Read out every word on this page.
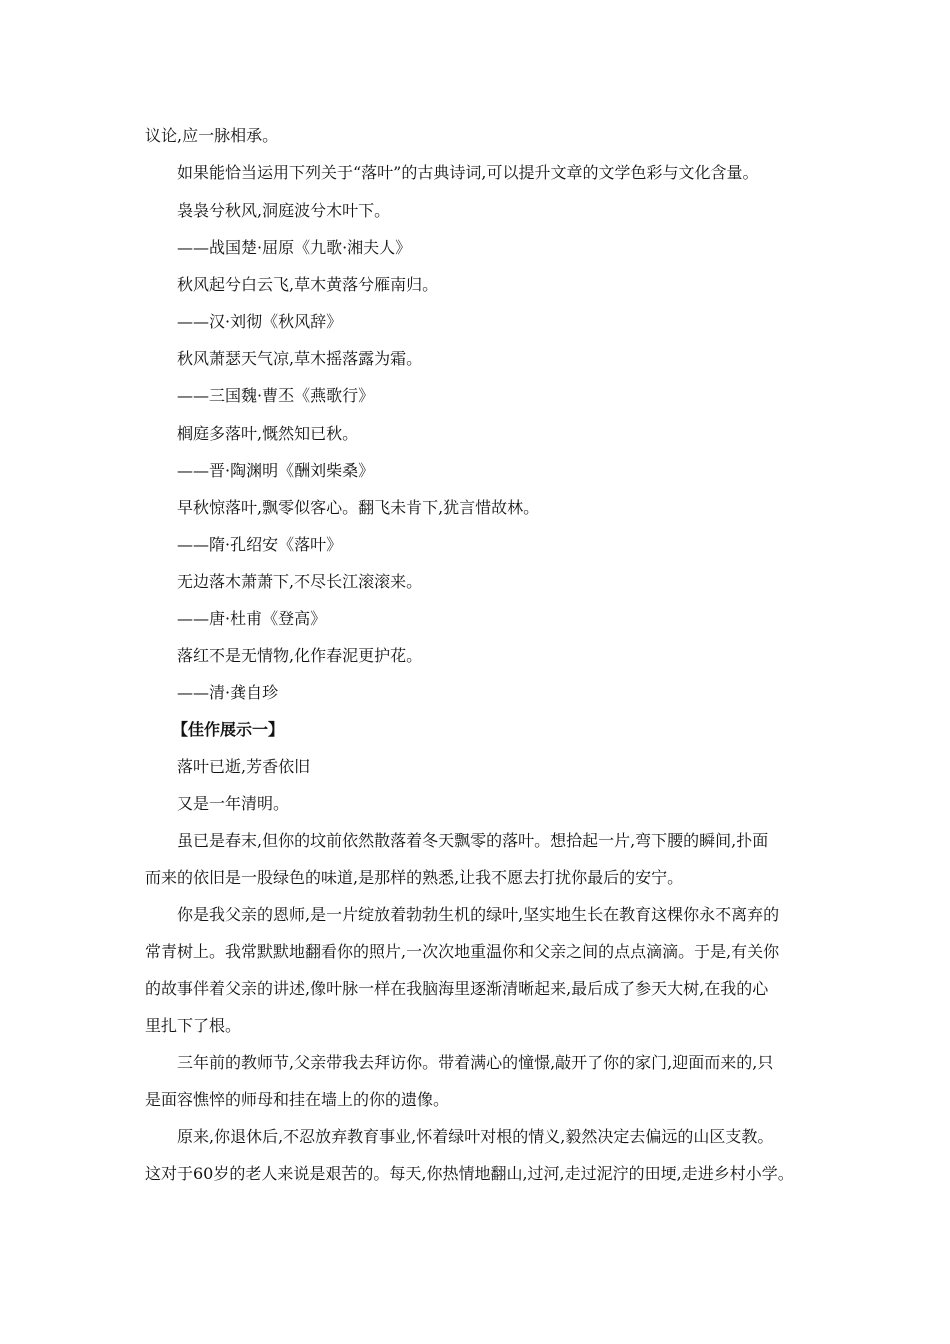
议论,应一脉相承。
如果能恰当运用下列关于“落叶”的古典诗词,可以提升文章的文学色彩与文化含量。
袅袅兮秋风,洞庭波兮木叶下。
——战国楚·屈原《九歌·湘夫人》
秋风起兮白云飞,草木黄落兮雁南归。
——汉·刘彻《秋风辞》
秋风萧瑟天气凉,草木摇落露为霜。
——三国魏·曹丕《燕歌行》
榈庭多落叶,慨然知已秋。
——晋·陶渊明《酬刘柴桑》
早秋惊落叶,飘零似客心。翻飞未肯下,犹言惜故林。
——隋·孔绍安《落叶》
无边落木萧萧下,不尽长江滚滚来。
——唐·杜甫《登高》
落红不是无情物,化作春泥更护花。
——清·龚自珍
【佳作展示一】
落叶已逝,芳香依旧
又是一年清明。
虽已是春末,但你的坟前依然散落着冬天飘零的落叶。想拾起一片,弯下腰的瞬间,扑面
而来的依旧是一股绿色的味道,是那样的熟悉,让我不愿去打扰你最后的安宁。
你是我父亲的恩师,是一片绽放着勃勃生机的绿叶,坚实地生长在教育这棵你永不离弃的
常青树上。我常默默地翻看你的照片,一次次地重温你和父亲之间的点点滴滴。于是,有关你
的故事伴着父亲的讲述,像叶脉一样在我脑海里逐渐清晰起来,最后成了参天大树,在我的心
里扎下了根。
三年前的教师节,父亲带我去拜访你。带着满心的憧憬,敲开了你的家门,迎面而来的,只
是面容憔悴的师母和挂在墙上的你的遗像。
原来,你退休后,不忍放弃教育事业,怀着绿叶对根的情义,毅然决定去偏远的山区支教。
这对于60岁的老人来说是艰苦的。每天,你热情地翻山,过河,走过泥泞的田埂,走进乡村小学。
